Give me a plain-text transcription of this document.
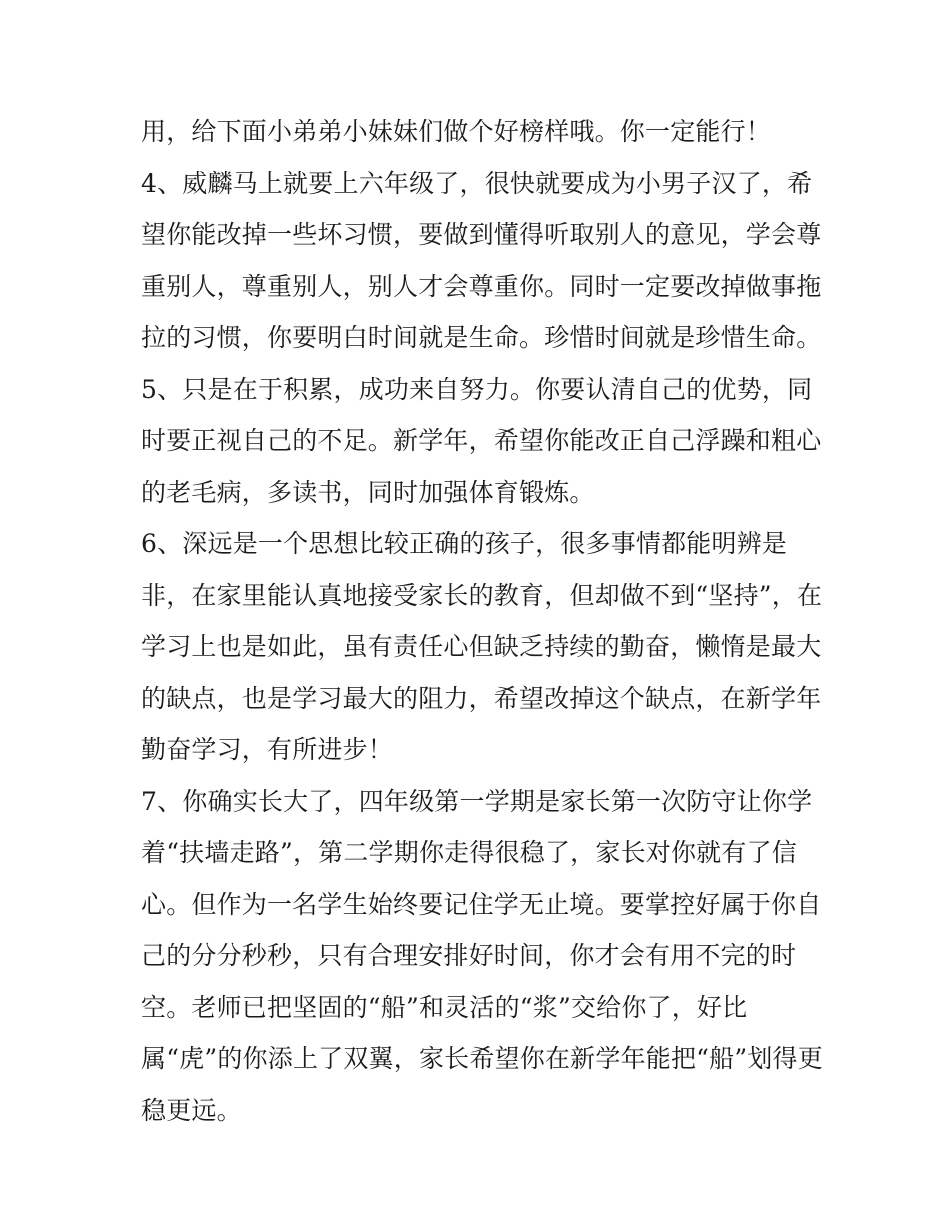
用，给下面小弟弟小妹妹们做个好榜样哦。你一定能行！
4、威麟马上就要上六年级了，很快就要成为小男子汉了，希
望你能改掉一些坏习惯，要做到懂得听取别人的意见，学会尊
重别人，尊重别人，别人才会尊重你。同时一定要改掉做事拖
拉的习惯，你要明白时间就是生命。珍惜时间就是珍惜生命。
5、只是在于积累，成功来自努力。你要认清自己的优势，同
时要正视自己的不足。新学年，希望你能改正自己浮躁和粗心
的老毛病，多读书，同时加强体育锻炼。
6、深远是一个思想比较正确的孩子，很多事情都能明辨是
非，在家里能认真地接受家长的教育，但却做不到“坚持”，在
学习上也是如此，虽有责任心但缺乏持续的勤奋，懒惰是最大
的缺点，也是学习最大的阻力，希望改掉这个缺点，在新学年
勤奋学习，有所进步！
7、你确实长大了，四年级第一学期是家长第一次防守让你学
着“扶墙走路”，第二学期你走得很稳了，家长对你就有了信
心。但作为一名学生始终要记住学无止境。要掌控好属于你自
己的分分秒秒，只有合理安排好时间，你才会有用不完的时
空。老师已把坚固的“船”和灵活的“浆”交给你了，好比
属“虎”的你添上了双翼，家长希望你在新学年能把“船”划得更
稳更远。
